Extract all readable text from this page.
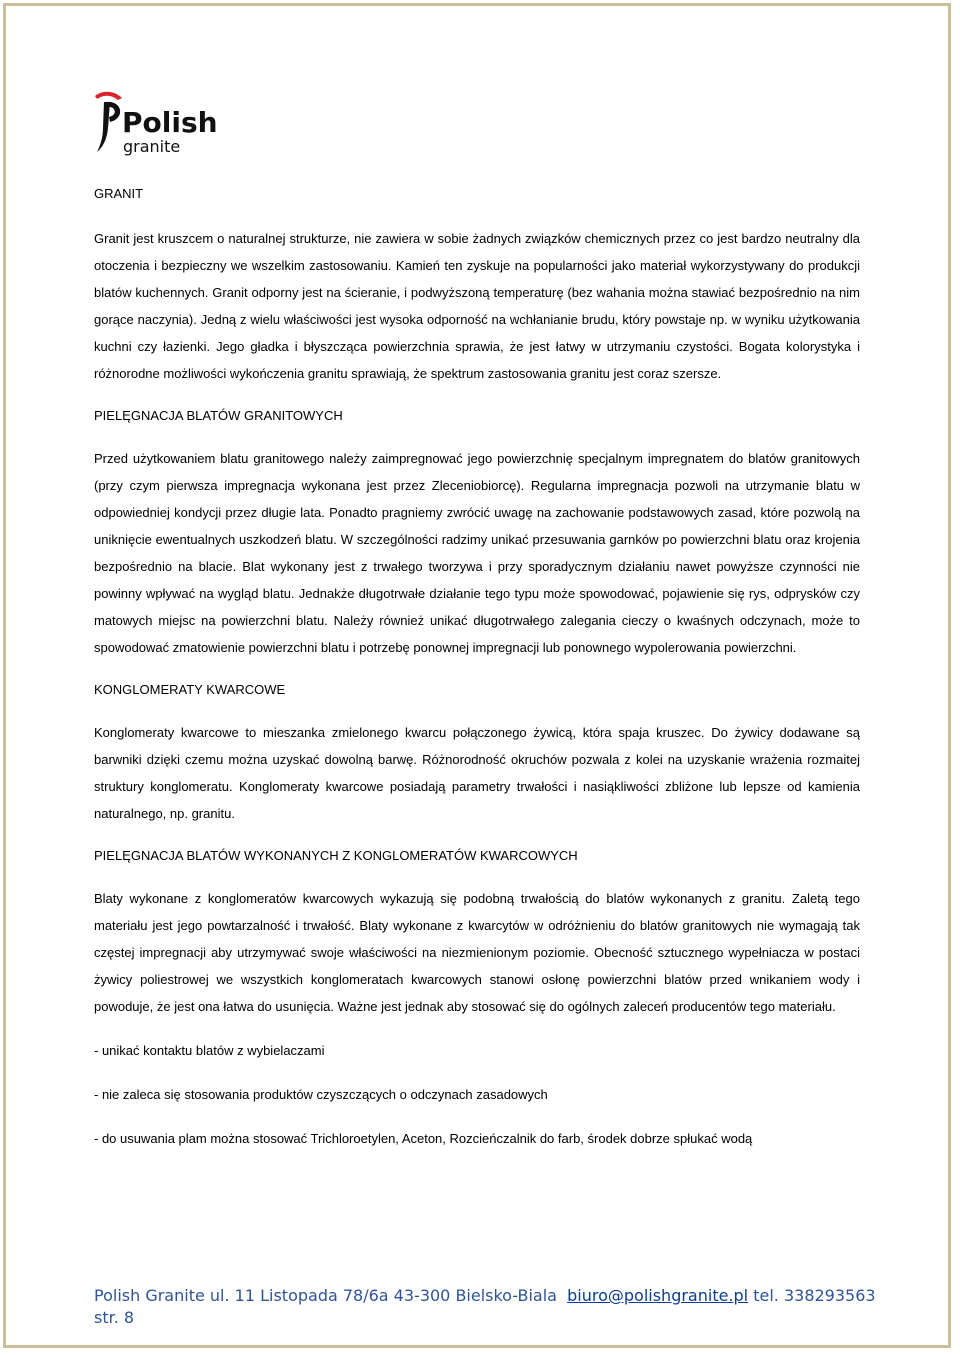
Polish
granite
GRANIT

Granit jest kruszcem o naturalnej strukturze, nie zawiera w sobie żadnych związków chemicznych przez co jest bardzo neutralny dla otoczenia i bezpieczny we wszelkim zastosowaniu. Kamień ten zyskuje na popularności jako materiał wykorzystywany do produkcji blatów kuchennych. Granit odporny jest na ścieranie, i podwyższoną temperaturę (bez wahania można stawiać bezpośrednio na nim gorące naczynia). Jedną z wielu właściwości jest wysoka odporność na wchłanianie brudu, który powstaje np. w wyniku użytkowania kuchni czy łazienki. Jego gładka i błyszcząca powierzchnia sprawia, że jest łatwy w utrzymaniu czystości. Bogata kolorystyka i różnorodne możliwości wykończenia granitu sprawiają, że spektrum zastosowania granitu jest coraz szersze.

PIELĘGNACJA BLATÓW GRANITOWYCH

Przed użytkowaniem blatu granitowego należy zaimpregnować jego powierzchnię specjalnym impregnatem do blatów granitowych (przy czym pierwsza impregnacja wykonana jest przez Zleceniobiorcę). Regularna impregnacja pozwoli na utrzymanie blatu w odpowiedniej kondycji przez długie lata. Ponadto pragniemy zwrócić uwagę na zachowanie podstawowych zasad, które pozwolą na uniknięcie ewentualnych uszkodzeń blatu. W szczególności radzimy unikać przesuwania garnków po powierzchni blatu oraz krojenia bezpośrednio na blacie. Blat wykonany jest z trwałego tworzywa i przy sporadycznym działaniu nawet powyższe czynności nie powinny wpływać na wygląd blatu. Jednakże długotrwałe działanie tego typu może spowodować, pojawienie się rys, odprysków czy matowych miejsc na powierzchni blatu. Należy również unikać długotrwałego zalegania cieczy o kwaśnych odczynach, może to spowodować zmatowienie powierzchni blatu i potrzebę ponownej impregnacji lub ponownego wypolerowania powierzchni.

KONGLOMERATY KWARCOWE

Konglomeraty kwarcowe to mieszanka zmielonego kwarcu połączonego żywicą, która spaja kruszec. Do żywicy dodawane są barwniki dzięki czemu można uzyskać dowolną barwę. Różnorodność okruchów pozwala z kolei na uzyskanie wrażenia rozmaitej struktury konglomeratu. Konglomeraty kwarcowe posiadają parametry trwałości i nasiąkliwości zbliżone lub lepsze od kamienia naturalnego, np. granitu.

PIELĘGNACJA BLATÓW WYKONANYCH Z KONGLOMERATÓW KWARCOWYCH

Blaty wykonane z konglomeratów kwarcowych wykazują się podobną trwałością do blatów wykonanych z granitu. Zaletą tego materiału jest jego powtarzalność i trwałość. Blaty wykonane z kwarcytów w odróżnieniu do blatów granitowych nie wymagają tak częstej impregnacji aby utrzymywać swoje właściwości na niezmienionym poziomie. Obecność sztucznego wypełniacza w postaci żywicy poliestrowej we wszystkich konglomeratach kwarcowych stanowi osłonę powierzchni blatów przed wnikaniem wody i powoduje, że jest ona łatwa do usunięcia. Ważne jest jednak aby stosować się do ogólnych zaleceń producentów tego materiału.

- unikać kontaktu blatów z wybielaczami

- nie zaleca się stosowania produktów czyszczących o odczynach zasadowych

- do usuwania plam można stosować Trichloroetylen, Aceton, Rozcieńczalnik do farb, środek dobrze spłukać wodą

Polish Granite ul. 11 Listopada 78/6a 43-300 Bielsko-Biala biuro@polishgranite.pl tel. 338293563
str. 8
